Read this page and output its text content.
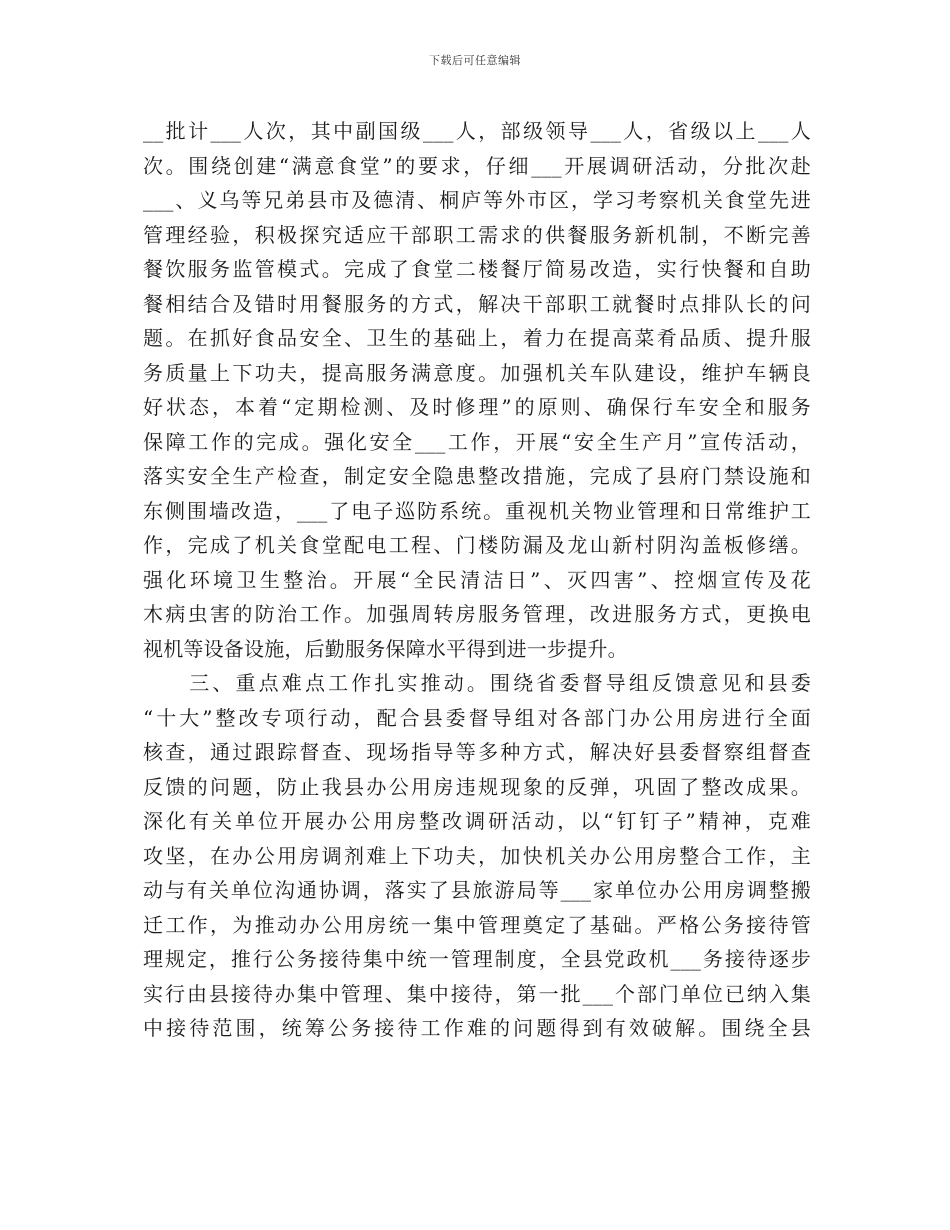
下载后可任意编辑
__批计___人次，其中副国级___人，部级领导___人，省级以上___人
次。围绕创建“满意食堂”的要求，仔细___开展调研活动，分批次赴
___、义乌等兄弟县市及德清、桐庐等外市区，学习考察机关食堂先进
管理经验，积极探究适应干部职工需求的供餐服务新机制，不断完善
餐饮服务监管模式。完成了食堂二楼餐厅简易改造，实行快餐和自助
餐相结合及错时用餐服务的方式，解决干部职工就餐时点排队长的问
题。在抓好食品安全、卫生的基础上，着力在提高菜肴品质、提升服
务质量上下功夫，提高服务满意度。加强机关车队建设，维护车辆良
好状态，本着“定期检测、及时修理”的原则、确保行车安全和服务
保障工作的完成。强化安全___工作，开展“安全生产月”宣传活动，
落实安全生产检查，制定安全隐患整改措施，完成了县府门禁设施和
东侧围墙改造，___了电子巡防系统。重视机关物业管理和日常维护工
作，完成了机关食堂配电工程、门楼防漏及龙山新村阴沟盖板修缮。
强化环境卫生整治。开展“全民清洁日”、灭四害”、控烟宣传及花
木病虫害的防治工作。加强周转房服务管理，改进服务方式，更换电
视机等设备设施，后勤服务保障水平得到进一步提升。
　　三、重点难点工作扎实推动。围绕省委督导组反馈意见和县委
“十大”整改专项行动，配合县委督导组对各部门办公用房进行全面
核查，通过跟踪督查、现场指导等多种方式，解决好县委督察组督查
反馈的问题，防止我县办公用房违规现象的反弹，巩固了整改成果。
深化有关单位开展办公用房整改调研活动，以“钉钉子”精神，克难
攻坚，在办公用房调剂难上下功夫，加快机关办公用房整合工作，主
动与有关单位沟通协调，落实了县旅游局等___家单位办公用房调整搬
迁工作，为推动办公用房统一集中管理奠定了基础。严格公务接待管
理规定，推行公务接待集中统一管理制度，全县党政机___务接待逐步
实行由县接待办集中管理、集中接待，第一批___个部门单位已纳入集
中接待范围，统筹公务接待工作难的问题得到有效破解。围绕全县
